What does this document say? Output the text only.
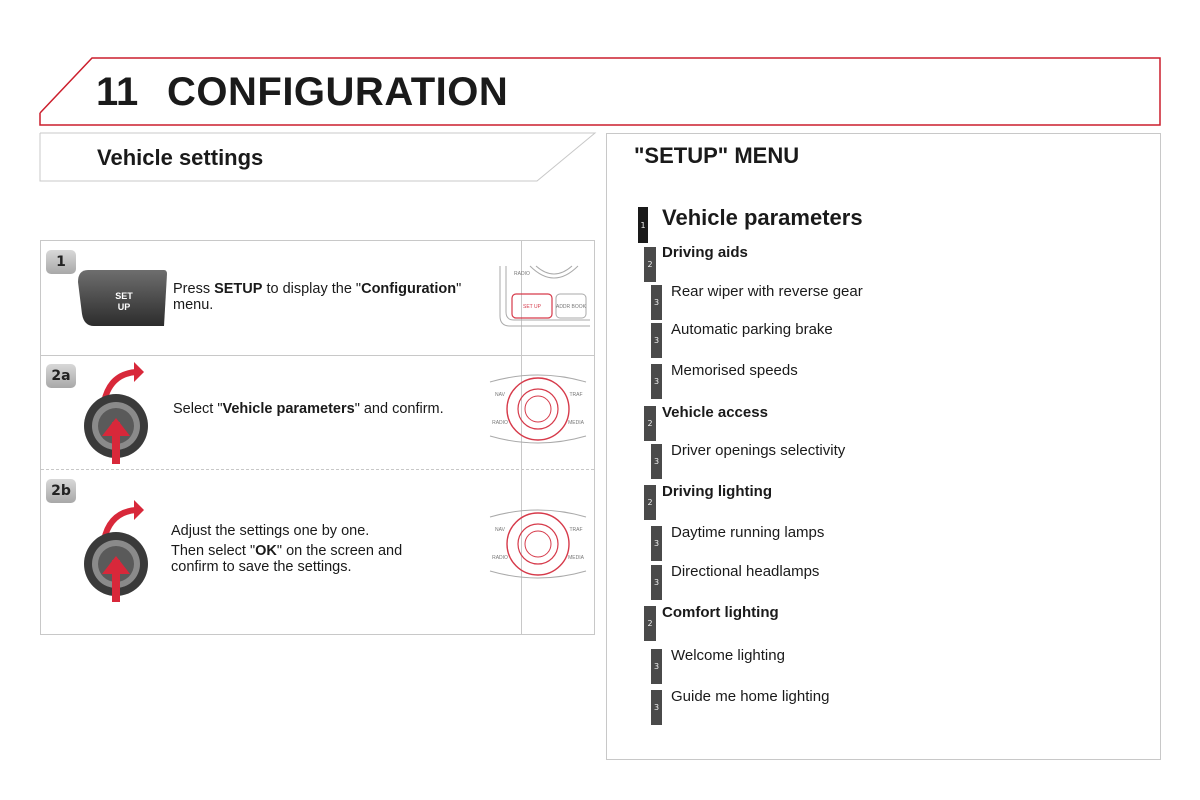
11 CONFIGURATION
Vehicle settings
1
SET
UP
Press SETUP to display the "Configuration" menu.
RADIO
SET UP	ADDR BOOK
2a
Select "Vehicle parameters" and confirm.
NAV	TRAF
RADIO	MEDIA
2b
Adjust the settings one by one.
Then select "OK" on the screen and
confirm to save the settings.
NAV	TRAF
RADIO	MEDIA
"SETUP" MENU
1 Vehicle parameters
2
Driving aids
3
Rear wiper with reverse gear
3
Automatic parking brake
3
Memorised speeds
2
Vehicle access
3
Driver openings selectivity
2
Driving lighting
3
Daytime running lamps
3
Directional headlamps
2
Comfort lighting
3
Welcome lighting
3
Guide me home lighting
